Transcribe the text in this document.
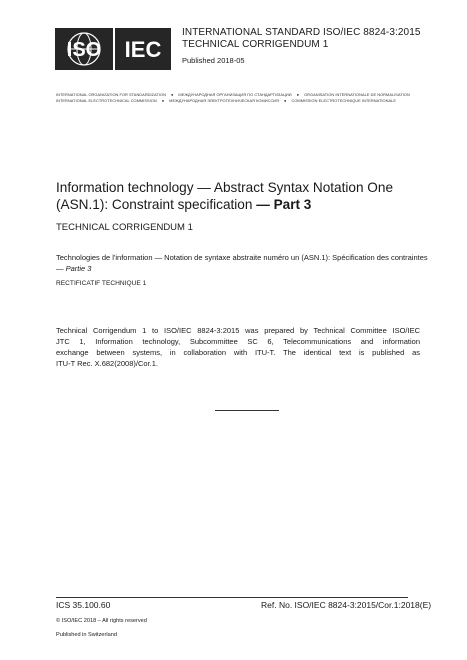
ISO IEC
INTERNATIONAL STANDARD ISO/IEC 8824-3:2015
TECHNICAL CORRIGENDUM 1
Published 2018-05
INTERNATIONAL ORGANIZATION FOR STANDARDIZATION ● МЕЖДУНАРОДНАЯ ОРГАНИЗАЦИЯ ПО СТАНДАРТИЗАЦИИ ● ORGANISATION INTERNATIONALE DE NORMALISATION
INTERNATIONAL ELECTROTECHNICAL COMMISSION ● МЕЖДУНАРОДНАЯ ЭЛЕКТРОТЕХНИЧЕСКАЯ КОМИССИЯ ● COMMISSION ELECTROTECHNIQUE INTERNATIONALE
Information technology — Abstract Syntax Notation One
(ASN.1): Constraint specification — Part 3
TECHNICAL CORRIGENDUM 1
Technologies de l'information — Notation de syntaxe abstraite numéro un (ASN.1): Spécification des contraintes
— Partie 3
RECTIFICATIF TECHNIQUE 1
Technical Corrigendum 1 to ISO/IEC 8824-3:2015 was prepared by Technical Committee ISO/IEC
JTC 1, Information technology, Subcommittee SC 6, Telecommunications and information
exchange between systems, in collaboration with ITU-T. The identical text is published as
ITU-T Rec. X.682(2008)/Cor.1.
ICS 35.100.60	Ref. No. ISO/IEC 8824-3:2015/Cor.1:2018(E)
© ISO/IEC 2018 – All rights reserved
Published in Switzerland
